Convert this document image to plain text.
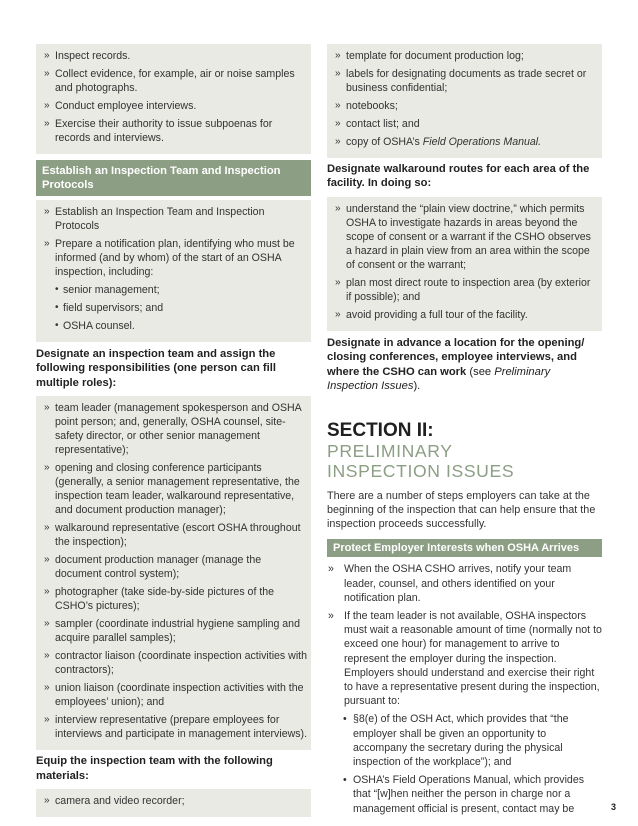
» Inspect records.
» Collect evidence, for example, air or noise samples and photographs.
» Conduct employee interviews.
» Exercise their authority to issue subpoenas for records and interviews.
Establish an Inspection Team and Inspection Protocols
» Establish an Inspection Team and Inspection Protocols
» Prepare a notification plan, identifying who must be informed (and by whom) of the start of an OSHA inspection, including:
• senior management;
• field supervisors; and
• OSHA counsel.
Designate an inspection team and assign the following responsibilities (one person can fill multiple roles):
» team leader (management spokesperson and OSHA point person; and, generally, OSHA counsel, site-safety director, or other senior management representative);
» opening and closing conference participants (generally, a senior management representative, the inspection team leader, walkaround representative, and document production manager);
» walkaround representative (escort OSHA throughout the inspection);
» document production manager (manage the document control system);
» photographer (take side-by-side pictures of the CSHO’s pictures);
» sampler (coordinate industrial hygiene sampling and acquire parallel samples);
» contractor liaison (coordinate inspection activities with contractors);
» union liaison (coordinate inspection activities with the employees’ union); and
» interview representative (prepare employees for interviews and participate in management interviews).
Equip the inspection team with the following materials:
» camera and video recorder;
» template for document production log;
» labels for designating documents as trade secret or business confidential;
» notebooks;
» contact list; and
» copy of OSHA’s Field Operations Manual.
Designate walkaround routes for each area of the facility. In doing so:
» understand the “plain view doctrine,” which permits OSHA to investigate hazards in areas beyond the scope of consent or a warrant if the CSHO observes a hazard in plain view from an area within the scope of consent or the warrant;
» plan most direct route to inspection area (by exterior if possible); and
» avoid providing a full tour of the facility.
Designate in advance a location for the opening/ closing conferences, employee interviews, and where the CSHO can work (see Preliminary Inspection Issues).
SECTION II:
PRELIMINARY
INSPECTION ISSUES
There are a number of steps employers can take at the beginning of the inspection that can help ensure that the inspection proceeds successfully.
Protect Employer Interests when OSHA Arrives
» When the OSHA CSHO arrives, notify your team leader, counsel, and others identified on your notification plan.
» If the team leader is not available, OSHA inspectors must wait a reasonable amount of time (normally not to exceed one hour) for management to arrive to represent the employer during the inspection. Employers should understand and exercise their right to have a representative present during the inspection, pursuant to:
• §8(e) of the OSH Act, which provides that “the employer shall be given an opportunity to accompany the secretary during the physical inspection of the workplace”); and
• OSHA’s Field Operations Manual, which provides that “[w]hen neither the person in charge nor a management official is present, contact may be	3
